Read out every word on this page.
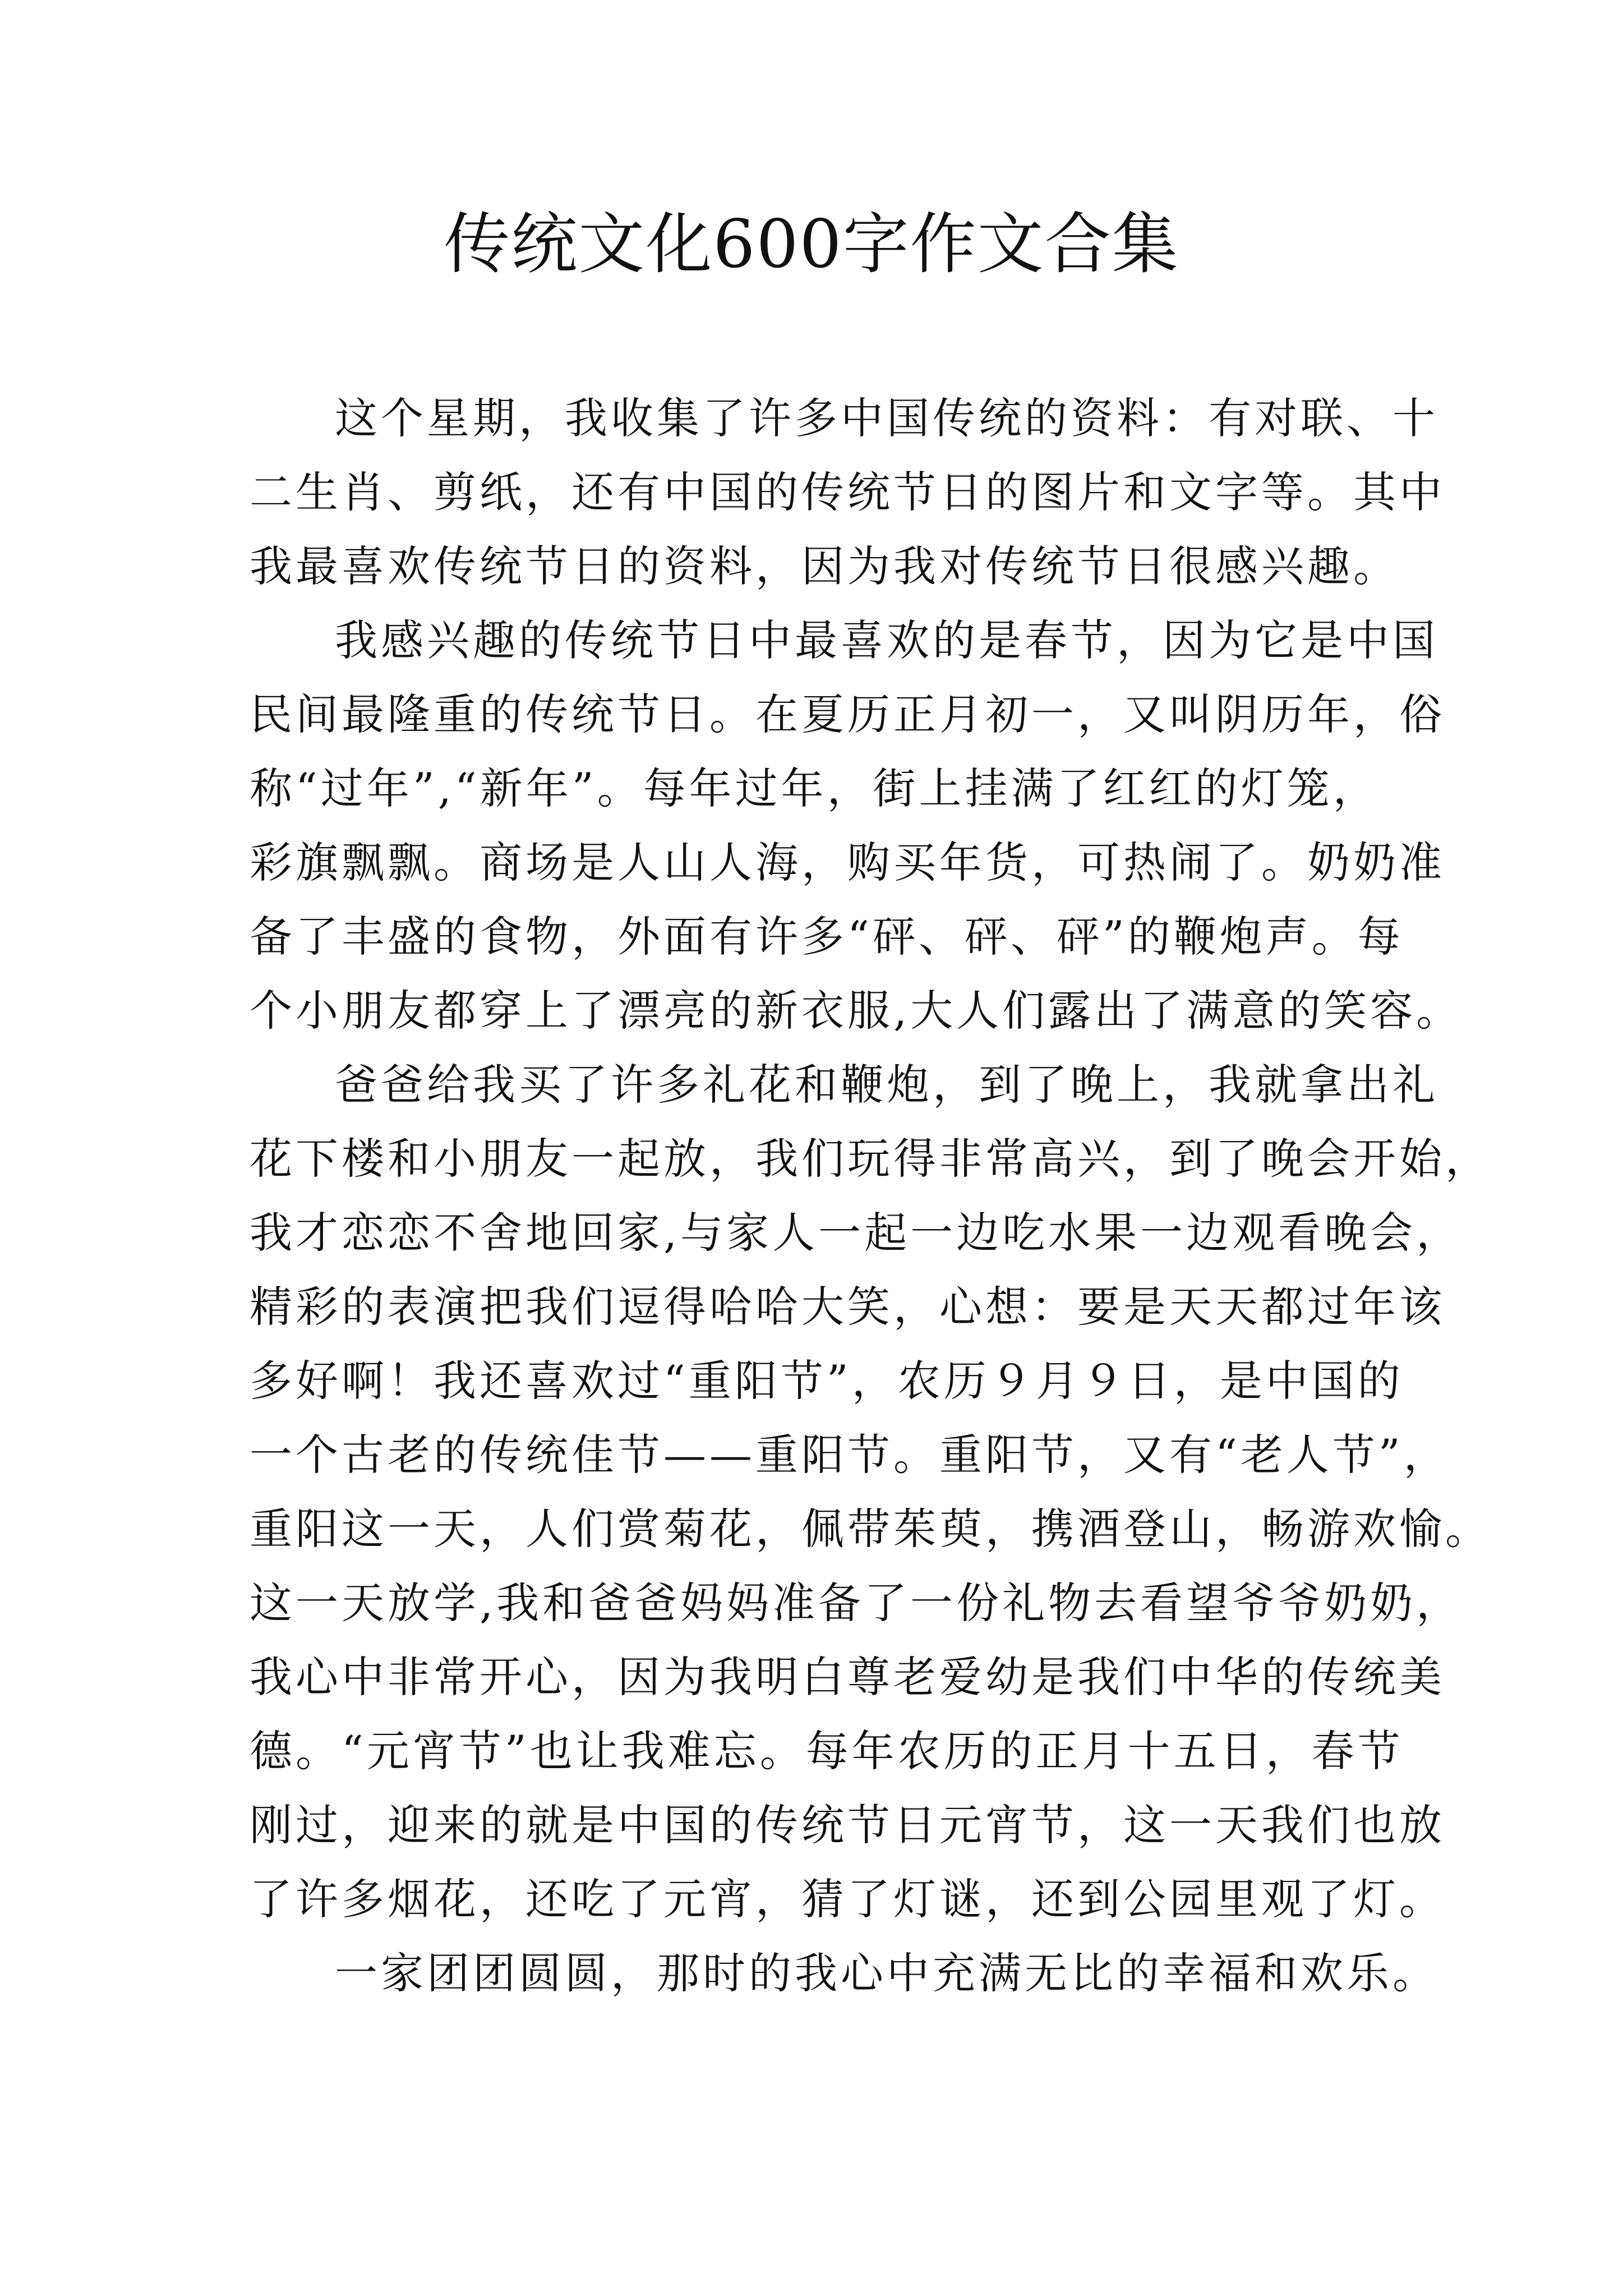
传统文化600字作文合集

这个星期，我收集了许多中国传统的资料：有对联、十
二生肖、剪纸，还有中国的传统节日的图片和文字等。其中
我最喜欢传统节日的资料，因为我对传统节日很感兴趣。

我感兴趣的传统节日中最喜欢的是春节，因为它是中国
民间最隆重的传统节日。在夏历正月初一，又叫阴历年，俗
称“过年”,“新年”。每年过年，街上挂满了红红的灯笼，
彩旗飘飘。商场是人山人海，购买年货，可热闹了。奶奶准
备了丰盛的食物，外面有许多“砰、砰、砰”的鞭炮声。每
个小朋友都穿上了漂亮的新衣服,大人们露出了满意的笑容。

爸爸给我买了许多礼花和鞭炮，到了晚上，我就拿出礼
花下楼和小朋友一起放，我们玩得非常高兴，到了晚会开始，
我才恋恋不舍地回家,与家人一起一边吃水果一边观看晚会，
精彩的表演把我们逗得哈哈大笑，心想：要是天天都过年该
多好啊！我还喜欢过“重阳节”，农历９月９日，是中国的
一个古老的传统佳节——重阳节。重阳节，又有“老人节”，
重阳这一天，人们赏菊花，佩带茱萸，携酒登山，畅游欢愉。
这一天放学,我和爸爸妈妈准备了一份礼物去看望爷爷奶奶，
我心中非常开心，因为我明白尊老爱幼是我们中华的传统美
德。“元宵节”也让我难忘。每年农历的正月十五日，春节
刚过，迎来的就是中国的传统节日元宵节，这一天我们也放
了许多烟花，还吃了元宵，猜了灯谜，还到公园里观了灯。

一家团团圆圆，那时的我心中充满无比的幸福和欢乐。
